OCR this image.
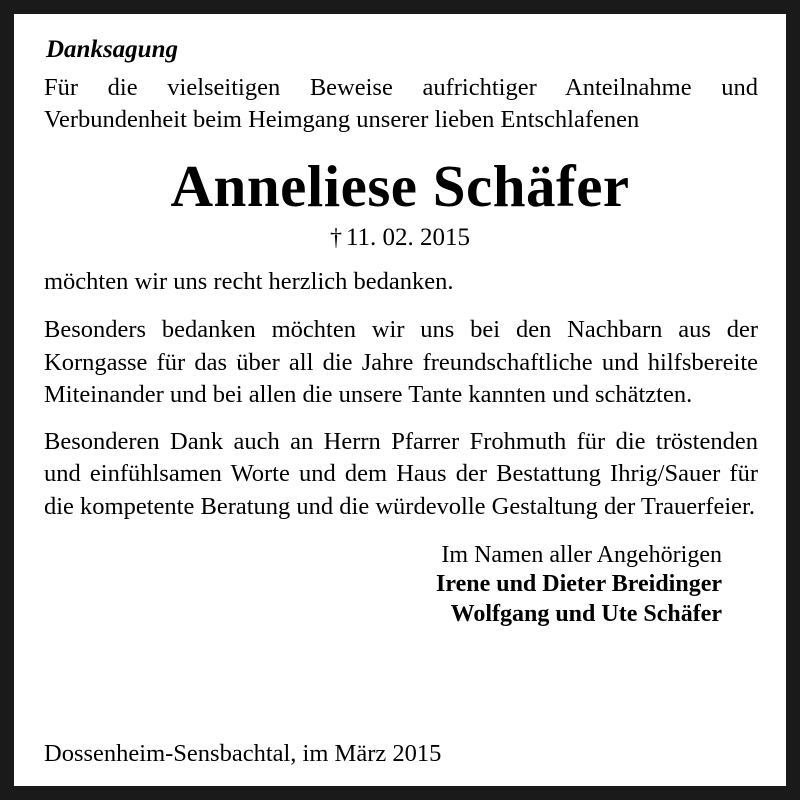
Danksagung
Für die vielseitigen Beweise aufrichtiger Anteilnahme und Verbundenheit beim Heimgang unserer lieben Entschlafenen
Anneliese Schäfer
† 11. 02. 2015

möchten wir uns recht herzlich bedanken.

Besonders bedanken möchten wir uns bei den Nachbarn aus der Korngasse für das über all die Jahre freundschaftliche und hilfsbereite Miteinander und bei allen die unsere Tante kannten und schätzten.

Besonderen Dank auch an Herrn Pfarrer Frohmuth für die tröstenden und einfühlsamen Worte und dem Haus der Bestattung Ihrig/Sauer für die kompetente Beratung und die würdevolle Gestaltung der Trauerfeier.

Im Namen aller Angehörigen
Irene und Dieter Breidinger
Wolfgang und Ute Schäfer
Dossenheim-Sensbachtal, im März 2015
